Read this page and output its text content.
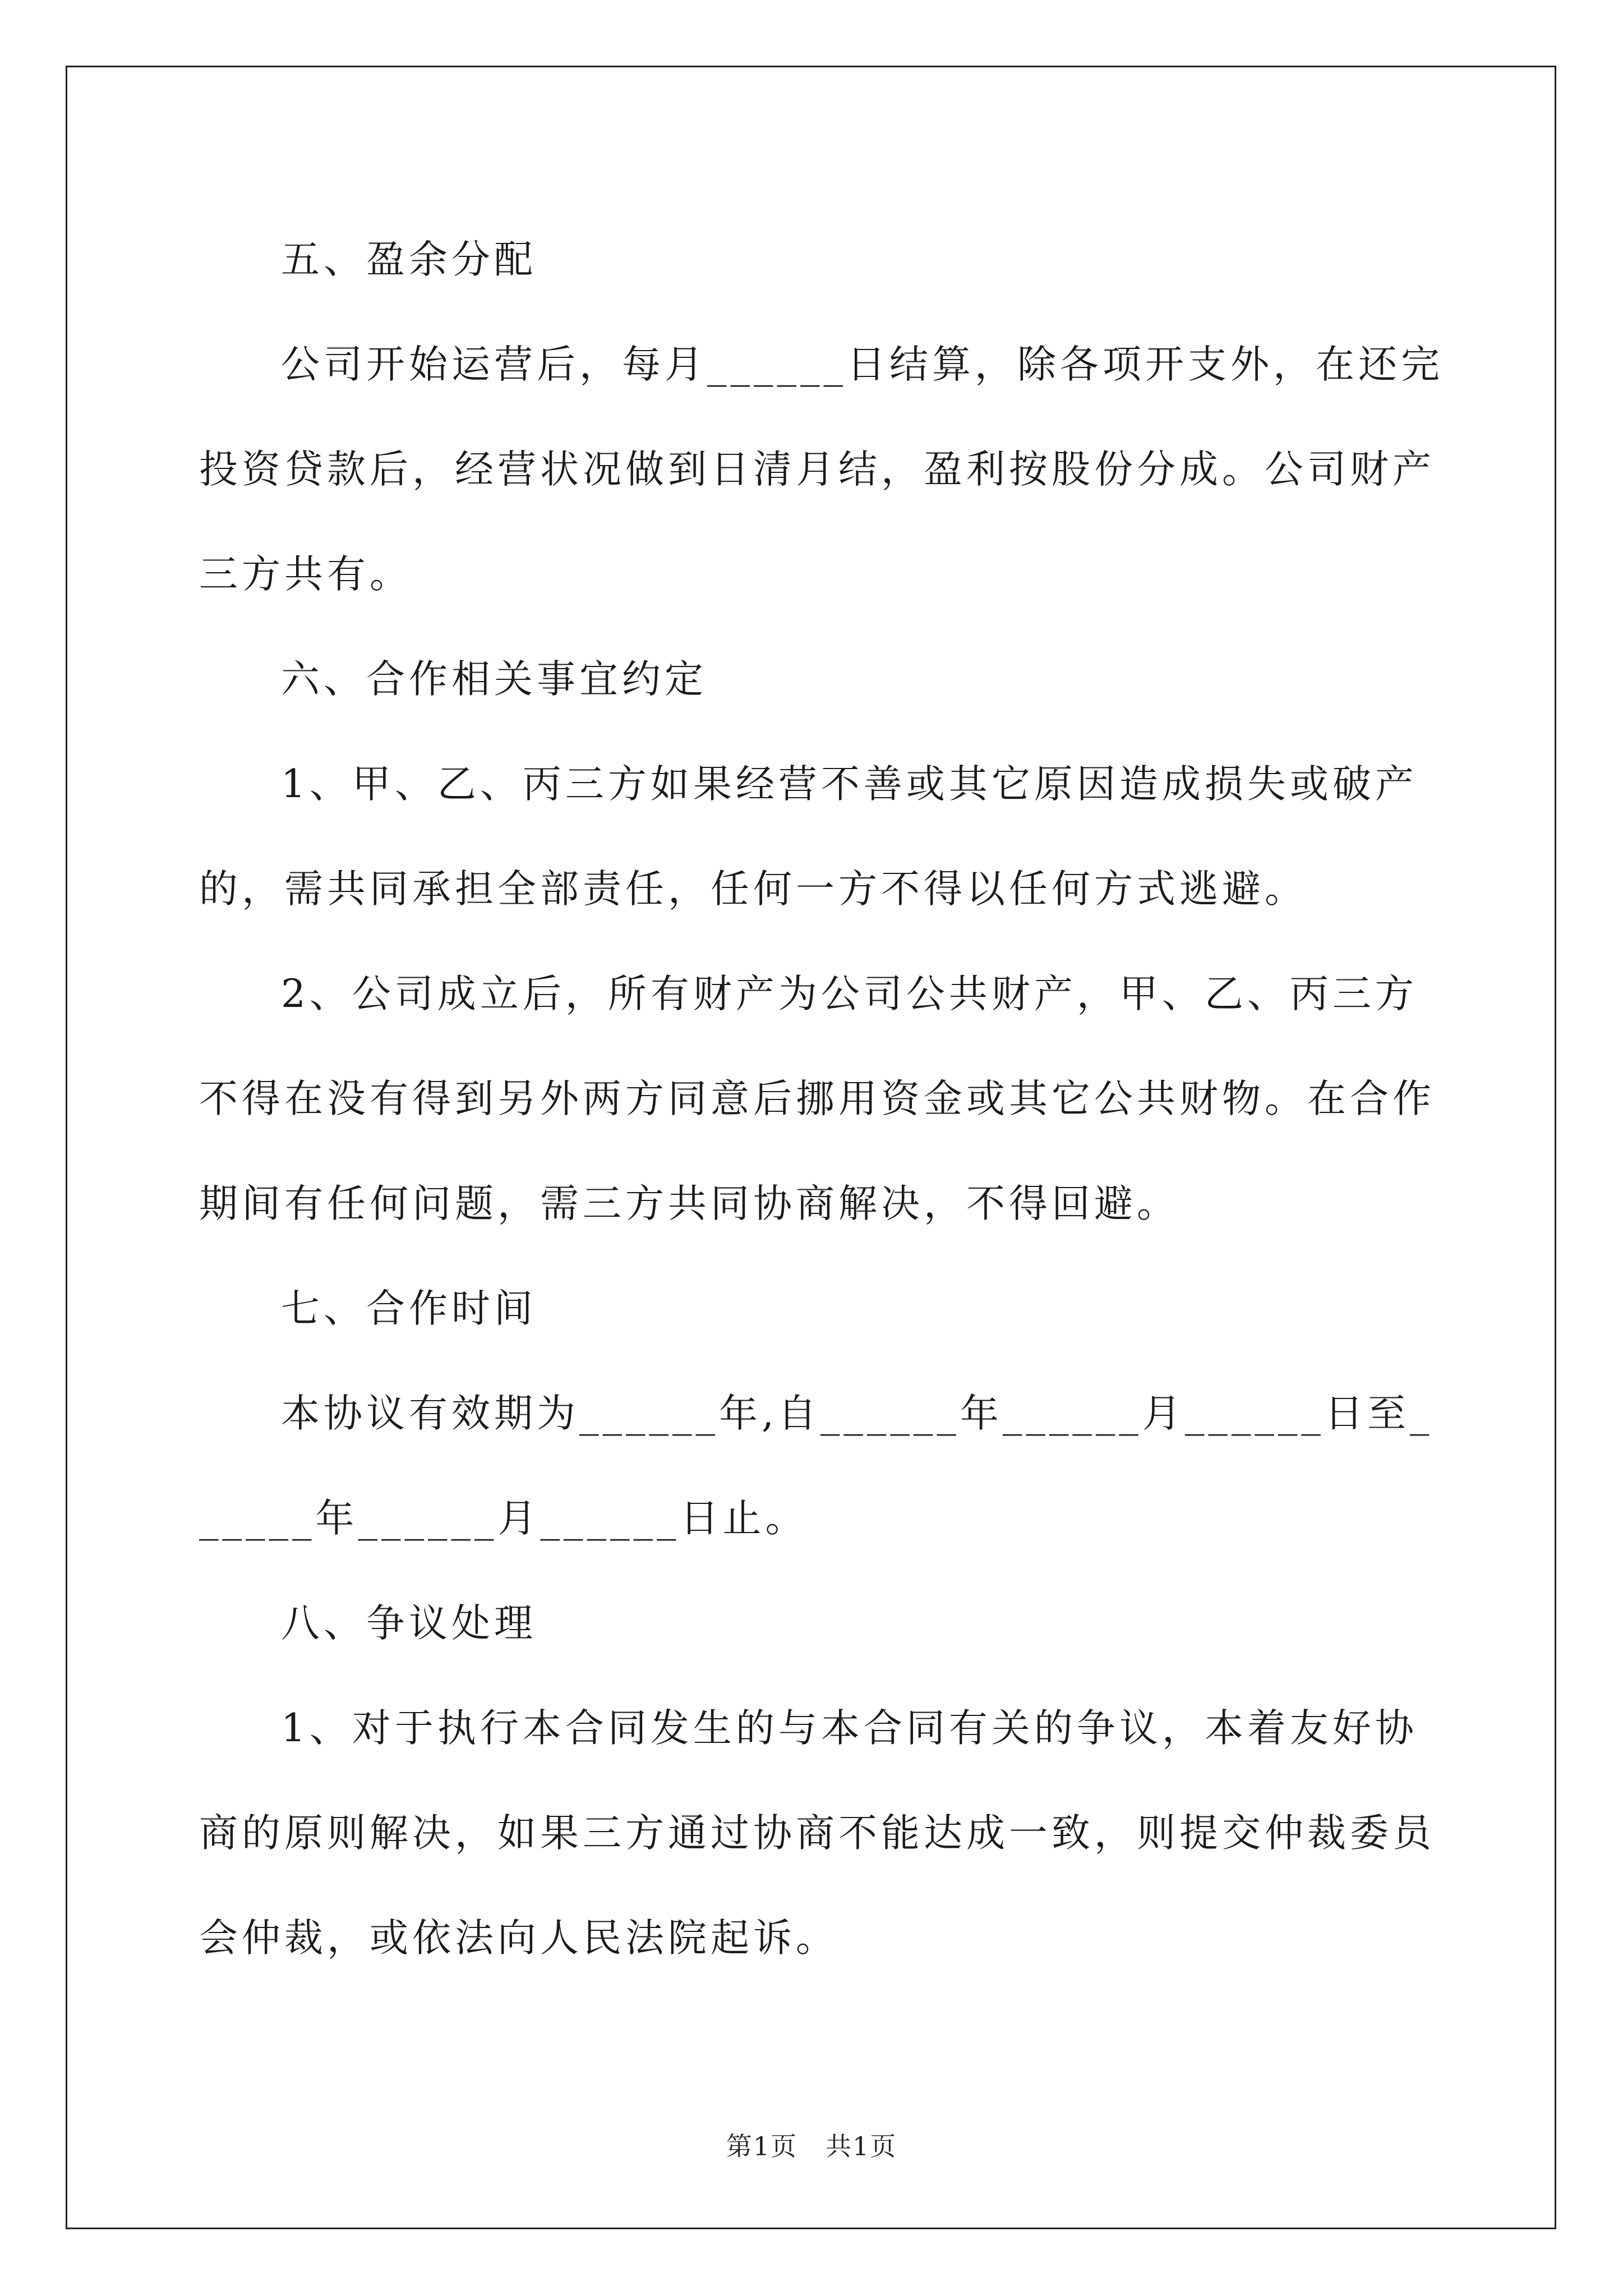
五、盈余分配

公司开始运营后，每月______日结算，除各项开支外，在还完投资贷款后，经营状况做到日清月结，盈利按股份分成。公司财产三方共有。

六、合作相关事宜约定

1、甲、乙、丙三方如果经营不善或其它原因造成损失或破产的，需共同承担全部责任，任何一方不得以任何方式逃避。

2、公司成立后，所有财产为公司公共财产，甲、乙、丙三方不得在没有得到另外两方同意后挪用资金或其它公共财物。在合作期间有任何问题，需三方共同协商解决，不得回避。

七、合作时间

本协议有效期为______年,自______年______月______日至______年______月______日止。

八、争议处理

1、对于执行本合同发生的与本合同有关的争议，本着友好协商的原则解决，如果三方通过协商不能达成一致，则提交仲裁委员会仲裁，或依法向人民法院起诉。

第1页 共1页
